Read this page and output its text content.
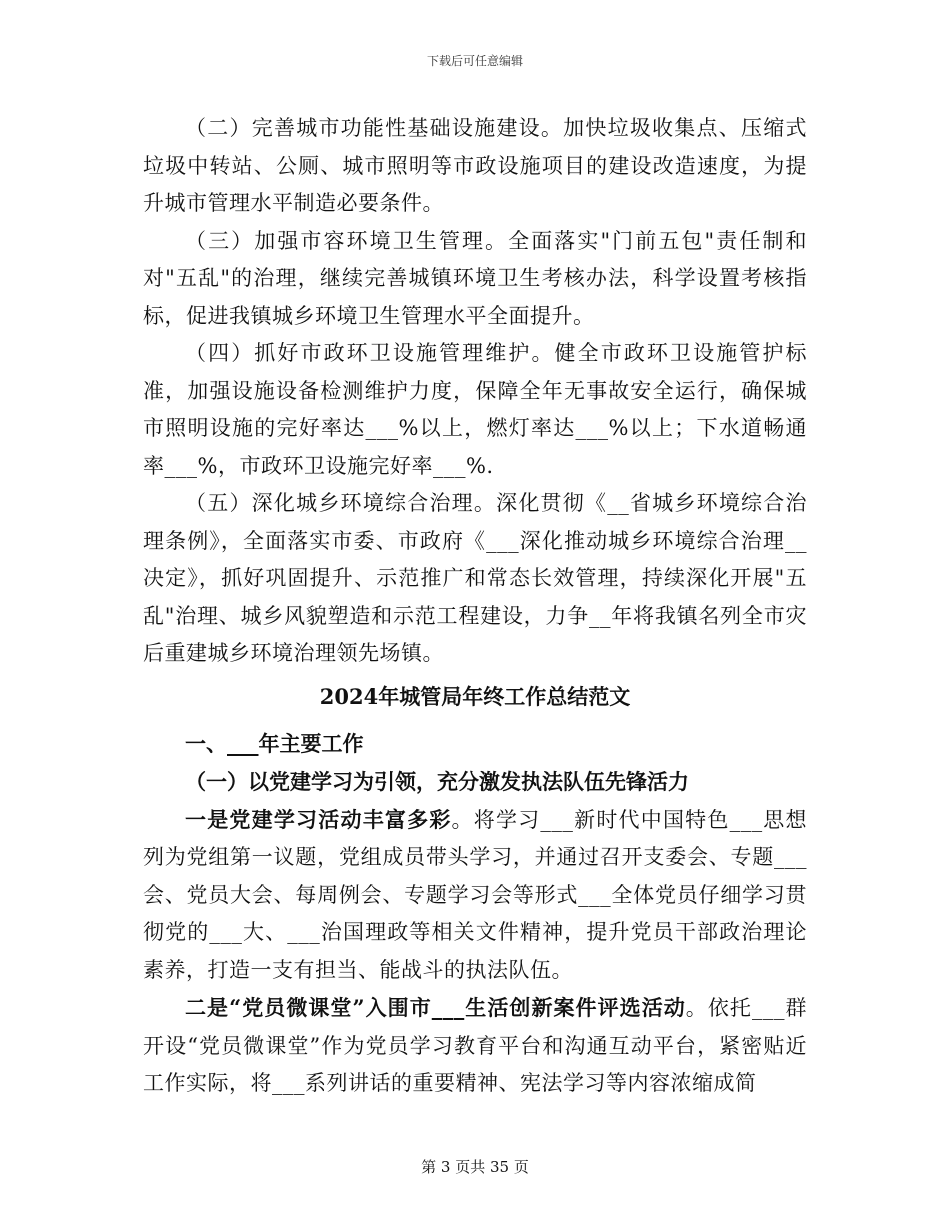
下载后可任意编辑

（二）完善城市功能性基础设施建设。加快垃圾收集点、压缩式垃圾中转站、公厕、城市照明等市政设施项目的建设改造速度，为提升城市管理水平制造必要条件。

（三）加强市容环境卫生管理。全面落实"门前五包"责任制和对"五乱"的治理，继续完善城镇环境卫生考核办法，科学设置考核指标，促进我镇城乡环境卫生管理水平全面提升。

（四）抓好市政环卫设施管理维护。健全市政环卫设施管护标准，加强设施设备检测维护力度，保障全年无事故安全运行，确保城市照明设施的完好率达___%以上，燃灯率达___%以上；下水道畅通率___%，市政环卫设施完好率___%.

（五）深化城乡环境综合治理。深化贯彻《__省城乡环境综合治理条例》，全面落实市委、市政府《___深化推动城乡环境综合治理__决定》，抓好巩固提升、示范推广和常态长效管理，持续深化开展"五乱"治理、城乡风貌塑造和示范工程建设，力争__年将我镇名列全市灾后重建城乡环境治理领先场镇。

2024年城管局年终工作总结范文

一、___年主要工作

（一）以党建学习为引领，充分激发执法队伍先锋活力

一是党建学习活动丰富多彩。将学习___新时代中国特色___思想列为党组第一议题，党组成员带头学习，并通过召开支委会、专题___会、党员大会、每周例会、专题学习会等形式___全体党员仔细学习贯彻党的___大、___治国理政等相关文件精神，提升党员干部政治理论素养，打造一支有担当、能战斗的执法队伍。

二是“党员微课堂”入围市___生活创新案件评选活动。依托___群开设“党员微课堂”作为党员学习教育平台和沟通互动平台，紧密贴近工作实际，将___系列讲话的重要精神、宪法学习等内容浓缩成简

第 3 页共 35 页
